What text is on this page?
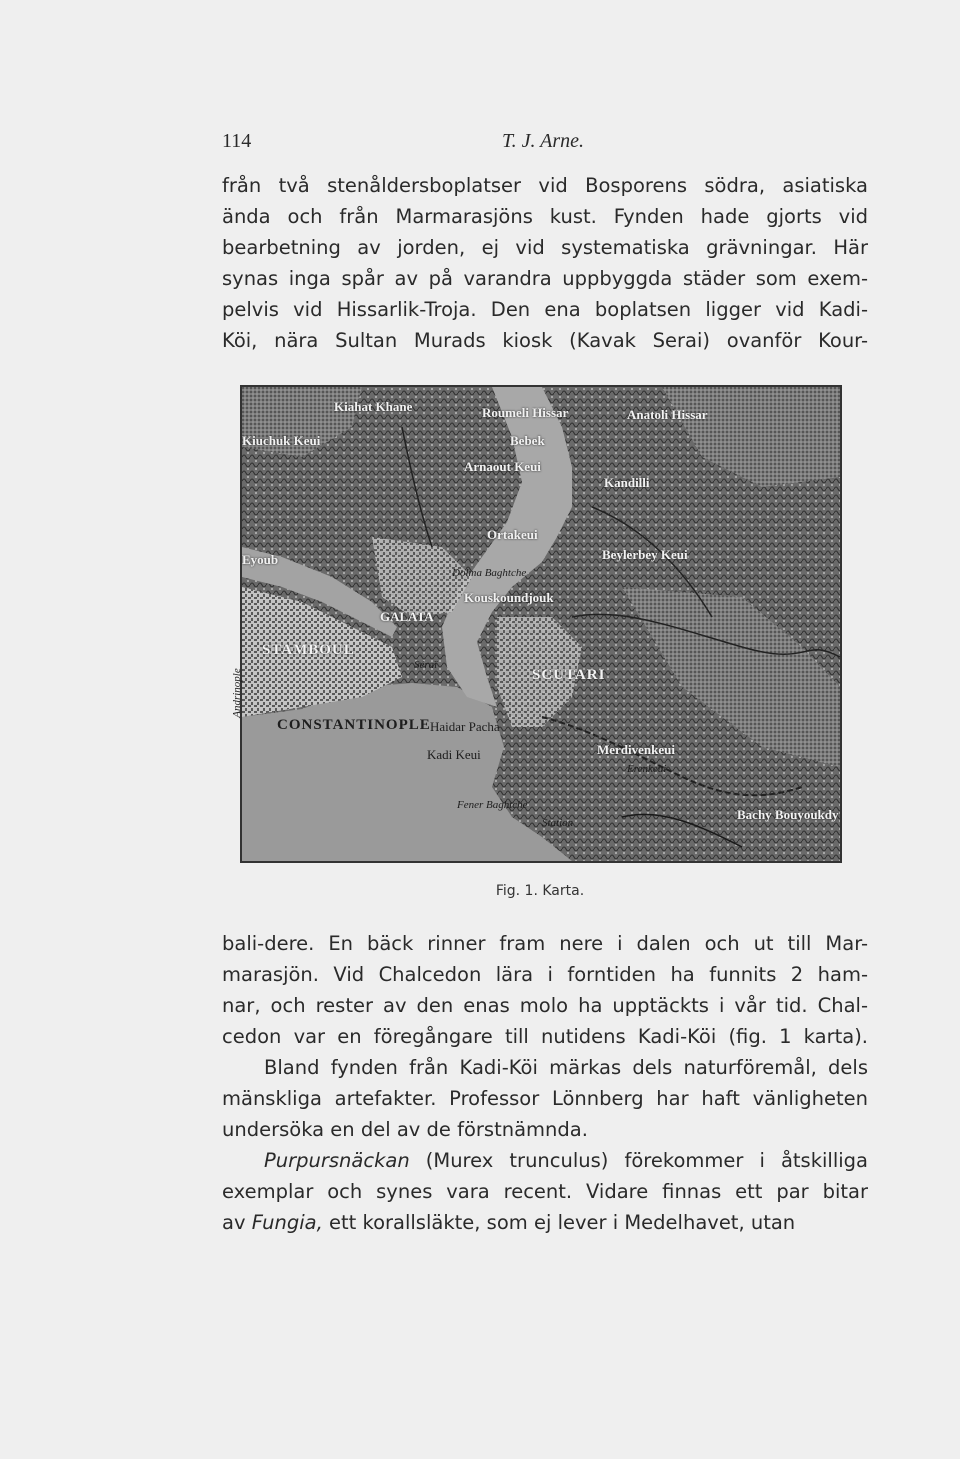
114	T. J. Arne.
från två stenåldersboplatser vid Bosporens södra, asiatiska
ända och från Marmarasjöns kust. Fynden hade gjorts vid
bearbetning av jorden, ej vid systematiska grävningar. Här
synas inga spår av på varandra uppbyggda städer som exem-
pelvis vid Hissarlik-Troja. Den ena boplatsen ligger vid Kadi-
Köi, nära Sultan Murads kiosk (Kavak Serai) ovanför Kour-
Kiahat Khane	Roumeli Hissar	Anatoli Hissar
Kiuchuk Keui	Bebek
Arnaout Keui
Kandilli
Ortakeui
Beylerbey Keui
Dolma Baghtche
Kouskoundjouk
GALATA
STAMBOUL
SCUTARI
CONSTANTINOPLE Haidar Pacha
Kadi Keui	Merdivenkeui
Erenkeui
Bachy Bouyoukdy
Fener Baghtche
Station
Eyoub
Séraï
Andrinople
Fig. 1. Karta.
bali-dere. En bäck rinner fram nere i dalen och ut till Mar-
marasjön. Vid Chalcedon lära i forntiden ha funnits 2 ham-
nar, och rester av den enas molo ha upptäckts i vår tid. Chal-
cedon var en föregångare till nutidens Kadi-Köi (fig. 1 karta).
Bland fynden från Kadi-Köi märkas dels naturföremål, dels
mänskliga artefakter. Professor Lönnberg har haft vänligheten
undersöka en del av de förstnämnda.
Purpursnäckan (Murex trunculus) förekommer i åtskilliga
exemplar och synes vara recent. Vidare finnas ett par bitar
av Fungia, ett korallsläkte, som ej lever i Medelhavet, utan
